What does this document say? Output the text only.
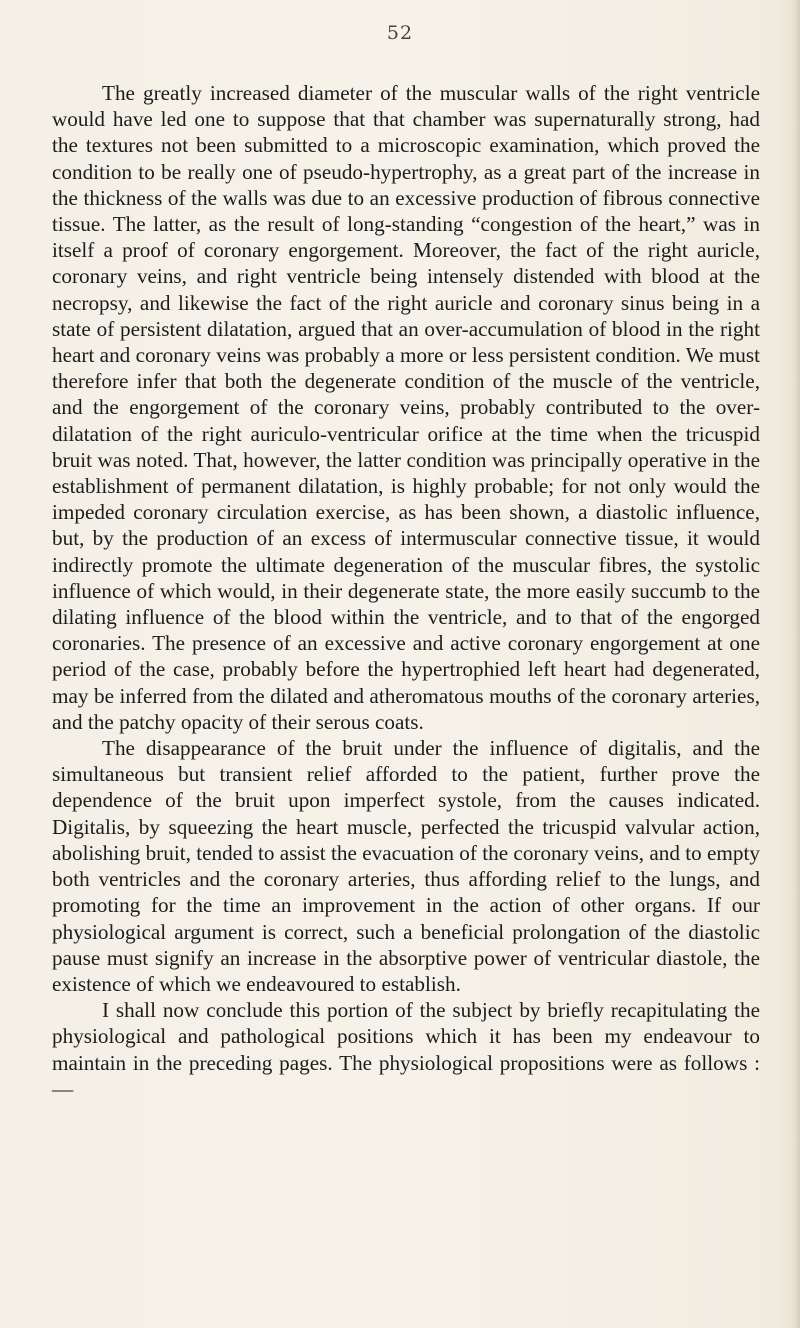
52

The greatly increased diameter of the muscular walls of the right ventricle would have led one to suppose that that chamber was supernaturally strong, had the textures not been submitted to a microscopic examination, which proved the condition to be really one of pseudo-hypertrophy, as a great part of the increase in the thickness of the walls was due to an excessive production of fibrous connective tissue. The latter, as the result of long-standing “congestion of the heart,” was in itself a proof of coronary engorgement. Moreover, the fact of the right auricle, coronary veins, and right ventricle being intensely distended with blood at the necropsy, and likewise the fact of the right auricle and coronary sinus being in a state of persistent dilatation, argued that an over-accumulation of blood in the right heart and coronary veins was probably a more or less persistent condition. We must therefore infer that both the degenerate condition of the muscle of the ventricle, and the engorgement of the coronary veins, probably contributed to the over-dilatation of the right auriculo-ventricular orifice at the time when the tricuspid bruit was noted. That, however, the latter condition was principally operative in the establishment of permanent dilatation, is highly probable; for not only would the impeded coronary circulation exercise, as has been shown, a diastolic influence, but, by the production of an excess of intermuscular connective tissue, it would indirectly promote the ultimate degeneration of the muscular fibres, the systolic influence of which would, in their degenerate state, the more easily succumb to the dilating influence of the blood within the ventricle, and to that of the engorged coronaries. The presence of an excessive and active coronary engorgement at one period of the case, probably before the hypertrophied left heart had degenerated, may be inferred from the dilated and atheromatous mouths of the coronary arteries, and the patchy opacity of their serous coats.

The disappearance of the bruit under the influence of digitalis, and the simultaneous but transient relief afforded to the patient, further prove the dependence of the bruit upon imperfect systole, from the causes indicated. Digitalis, by squeezing the heart muscle, perfected the tricuspid valvular action, abolishing bruit, tended to assist the evacuation of the coronary veins, and to empty both ventricles and the coronary arteries, thus affording relief to the lungs, and promoting for the time an improvement in the action of other organs. If our physiological argument is correct, such a beneficial prolongation of the diastolic pause must signify an increase in the absorptive power of ventricular diastole, the existence of which we endeavoured to establish.

I shall now conclude this portion of the subject by briefly recapitulating the physiological and pathological positions which it has been my endeavour to maintain in the preceding pages. The physiological propositions were as follows :—
